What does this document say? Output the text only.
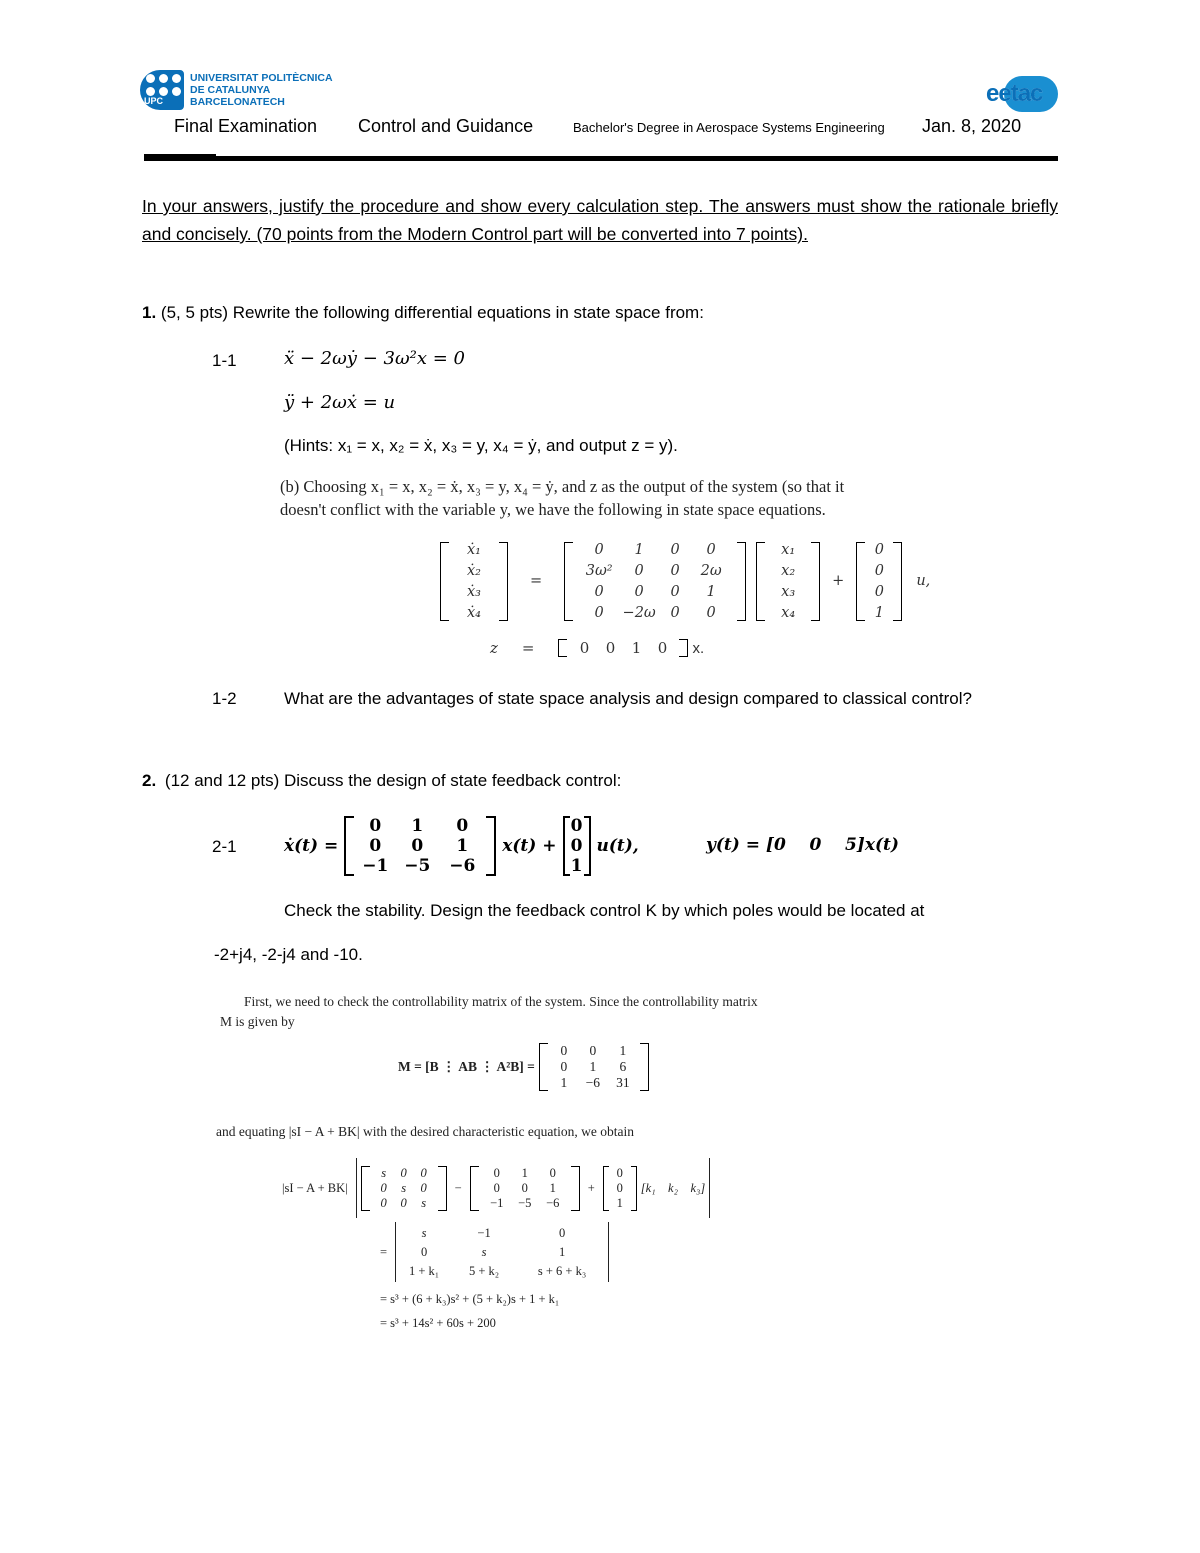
UPC
UNIVERSITAT POLITÈCNICA
DE CATALUNYA
BARCELONATECH	eetac
Final Examination Control and Guidance	Bachelor's Degree in Aerospace Systems Engineering Jan. 8, 2020
In your answers, justify the procedure and show every calculation step. The answers must show the rationale briefly and concisely. (70 points from the Modern Control part will be converted into 7 points).
1. (5, 5 pts) Rewrite the following differential equations in state space from:
1-1	ẍ − 2ωẏ − 3ω²x = 0
ÿ + 2ωẋ = u
(Hints: x₁ = x, x₂ = ẋ, x₃ = y, x₄ = ẏ, and output z = y).
(b) Choosing x₁ = x, x₂ = ẋ, x₃ = y, x₄ = ẏ, and z as the output of the system (so that it
doesn't conflict with the variable y, we have the following in state space equations.
ẋ₁
ẋ₂
ẋ₃
ẋ₄
=
0	1	0	0
3ω²	0	0	2ω
0	0	0	1
0	−2ω	0	0
x₁
x₂
x₃
x₄
+
0
0
0
1
u,
z =	0	0	1	0	x.
1-2	What are the advantages of state space analysis and design compared to classical control?
2. (12 and 12 pts) Discuss the design of state feedback control:
2-1	ẋ(t) =
0	1	0
0	0	1
−1 −5	−6
x(t) +
0
0
1
u(t),	y(t) = [0    0    5]x(t)
Check the stability. Design the feedback control K by which poles would be located at
-2+j4, -2-j4 and -10.
First, we need to check the controllability matrix of the system. Since the controllability matrix
M is given by
M = [B ⋮ AB ⋮ A²B] =
0	0	1
0	1	6
1	−6	31
and equating |sI − A + BK| with the desired characteristic equation, we obtain
|sI − A + BK|
s	0	0
0	s	0
0	0	s
−
0	1	0
0	0	1
−1	−5	−6
+
0
0
1
[k₁    k₂    k₃]
=
s	−1	0
0	s	1
1 + k₁	5 + k₂	s + 6 + k₃
= s³ + (6 + k₃)s² + (5 + k₂)s + 1 + k₁
= s³ + 14s² + 60s + 200
